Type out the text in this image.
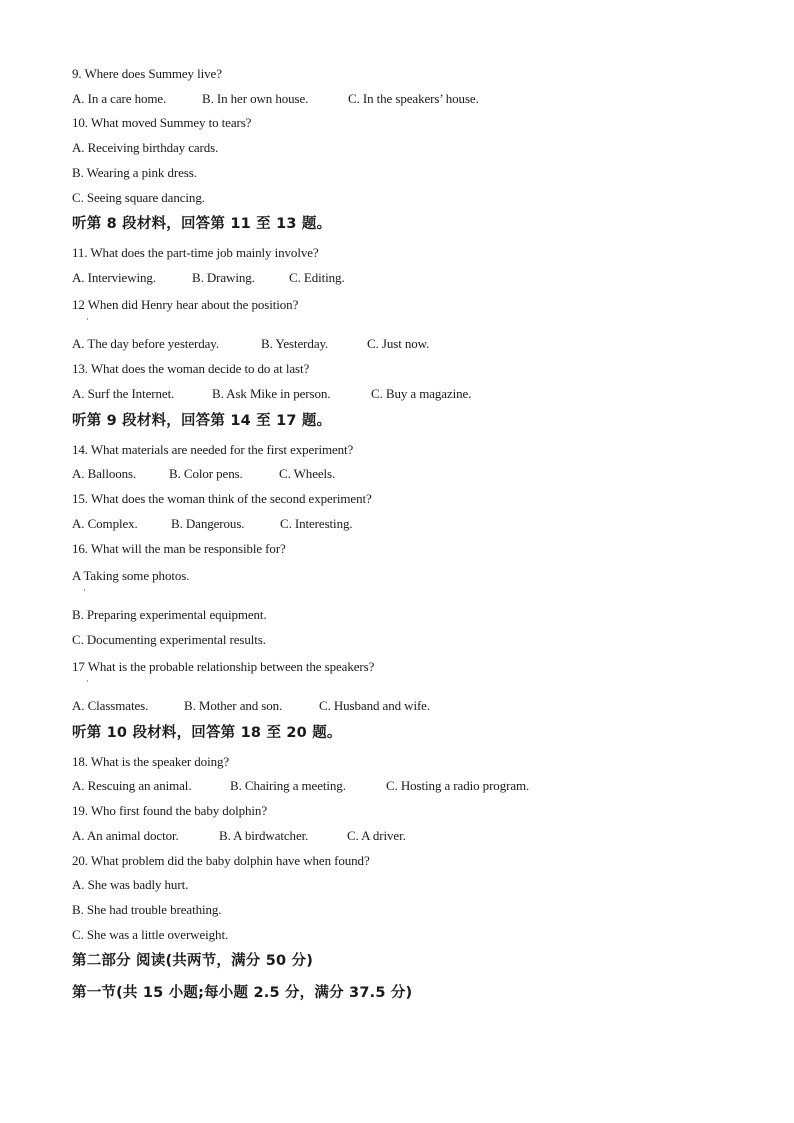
9. Where does Summey live?
A. In a care home.	B. In her own house.	C. In the speakers’ house.
10. What moved Summey to tears?
A. Receiving birthday cards.
B. Wearing a pink dress.
C. Seeing square dancing.
听第 8 段材料，回答第 11 至 13 题。
11. What does the part-time job mainly involve?
A. Interviewing.	B. Drawing.	C. Editing.
12 When did Henry hear about the position?
·
A. The day before yesterday.	B. Yesterday.	C. Just now.
13. What does the woman decide to do at last?
A. Surf the Internet.	B. Ask Mike in person.	C. Buy a magazine.
听第 9 段材料，回答第 14 至 17 题。
14. What materials are needed for the first experiment?
A. Balloons.	B. Color pens.	C. Wheels.
15. What does the woman think of the second experiment?
A. Complex.	B. Dangerous.	C. Interesting.
16. What will the man be responsible for?
A Taking some photos.
·
B. Preparing experimental equipment.
C. Documenting experimental results.
17 What is the probable relationship between the speakers?
·
A. Classmates.	B. Mother and son.	C. Husband and wife.
听第 10 段材料，回答第 18 至 20 题。
18. What is the speaker doing?
A. Rescuing an animal.	B. Chairing a meeting.	C. Hosting a radio program.
19. Who first found the baby dolphin?
A. An animal doctor.	B. A birdwatcher.	C. A driver.
20. What problem did the baby dolphin have when found?
A. She was badly hurt.
B. She had trouble breathing.
C. She was a little overweight.
第二部分 阅读(共两节，满分 50 分)
第一节(共 15 小题;每小题 2.5 分，满分 37.5 分)
